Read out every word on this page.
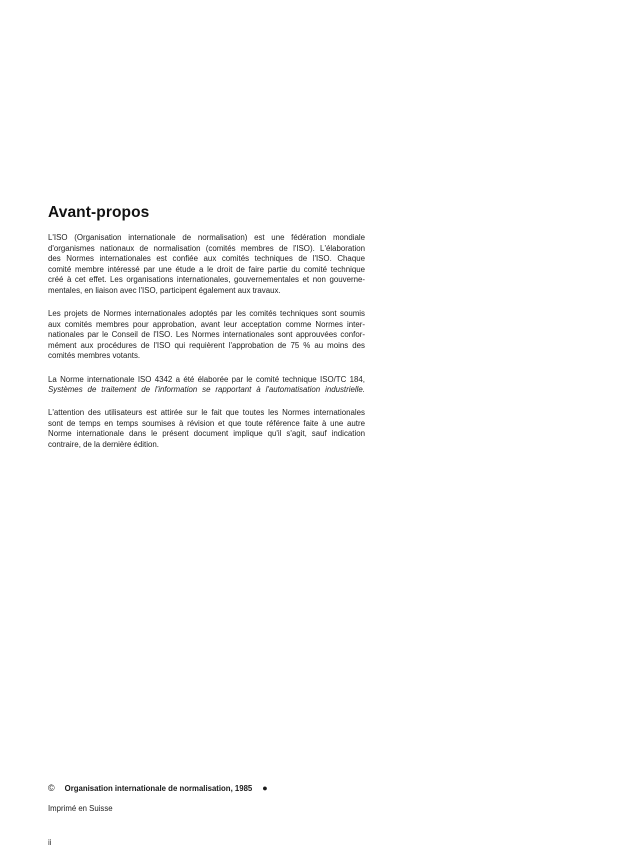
Avant-propos

L'ISO (Organisation internationale de normalisation) est une fédération mondiale
d'organismes nationaux de normalisation (comités membres de l'ISO). L'élaboration
des Normes internationales est confiée aux comités techniques de l'ISO. Chaque
comité membre intéressé par une étude a le droit de faire partie du comité technique
créé à cet effet. Les organisations internationales, gouvernementales et non gouverne-
mentales, en liaison avec l'ISO, participent également aux travaux.

Les projets de Normes internationales adoptés par les comités techniques sont soumis
aux comités membres pour approbation, avant leur acceptation comme Normes inter-
nationales par le Conseil de l'ISO. Les Normes internationales sont approuvées confor-
mément aux procédures de l'ISO qui requièrent l'approbation de 75 % au moins des
comités membres votants.

La Norme internationale ISO 4342 a été élaborée par le comité technique ISO/TC 184,
Systèmes de traitement de l'information se rapportant à l'automatisation industrielle.

L'attention des utilisateurs est attirée sur le fait que toutes les Normes internationales
sont de temps en temps soumises à révision et que toute référence faite à une autre
Norme internationale dans le présent document implique qu'il s'agit, sauf indication
contraire, de la dernière édition.

© Organisation internationale de normalisation, 1985 ●
Imprimé en Suisse
ii
